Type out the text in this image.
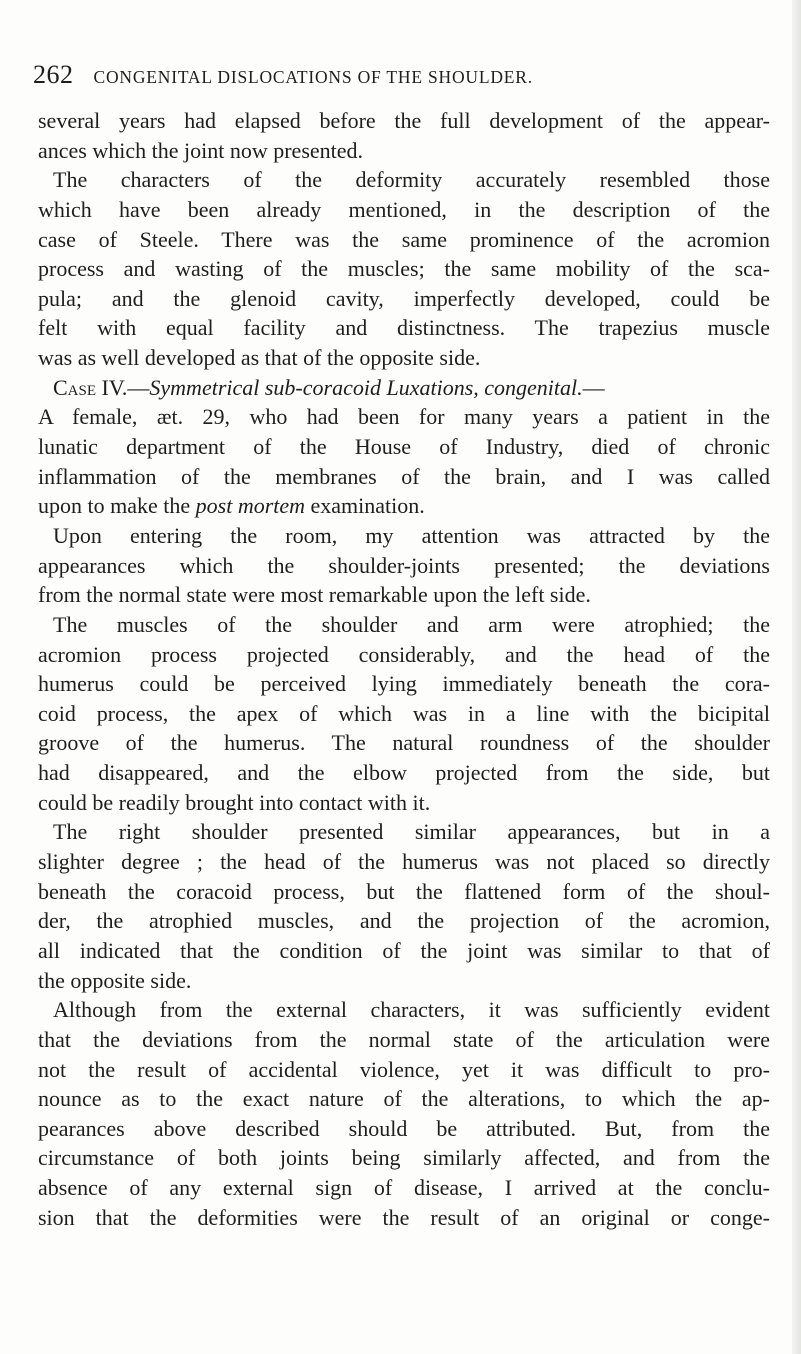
262 CONGENITAL DISLOCATIONS OF THE SHOULDER.
several years had elapsed before the full development of the appear-
ances which the joint now presented.
The characters of the deformity accurately resembled those
which have been already mentioned, in the description of the
case of Steele. There was the same prominence of the acromion
process and wasting of the muscles; the same mobility of the sca-
pula; and the glenoid cavity, imperfectly developed, could be
felt with equal facility and distinctness. The trapezius muscle
was as well developed as that of the opposite side.
Case IV.—Symmetrical sub-coracoid Luxations, congenital.—
A female, æt. 29, who had been for many years a patient in the
lunatic department of the House of Industry, died of chronic
inflammation of the membranes of the brain, and I was called
upon to make the post mortem examination.
Upon entering the room, my attention was attracted by the
appearances which the shoulder-joints presented; the deviations
from the normal state were most remarkable upon the left side.
The muscles of the shoulder and arm were atrophied; the
acromion process projected considerably, and the head of the
humerus could be perceived lying immediately beneath the cora-
coid process, the apex of which was in a line with the bicipital
groove of the humerus. The natural roundness of the shoulder
had disappeared, and the elbow projected from the side, but
could be readily brought into contact with it.
The right shoulder presented similar appearances, but in a
slighter degree ; the head of the humerus was not placed so directly
beneath the coracoid process, but the flattened form of the shoul-
der, the atrophied muscles, and the projection of the acromion,
all indicated that the condition of the joint was similar to that of
the opposite side.
Although from the external characters, it was sufficiently evident
that the deviations from the normal state of the articulation were
not the result of accidental violence, yet it was difficult to pro-
nounce as to the exact nature of the alterations, to which the ap-
pearances above described should be attributed. But, from the
circumstance of both joints being similarly affected, and from the
absence of any external sign of disease, I arrived at the conclu-
sion that the deformities were the result of an original or conge-
